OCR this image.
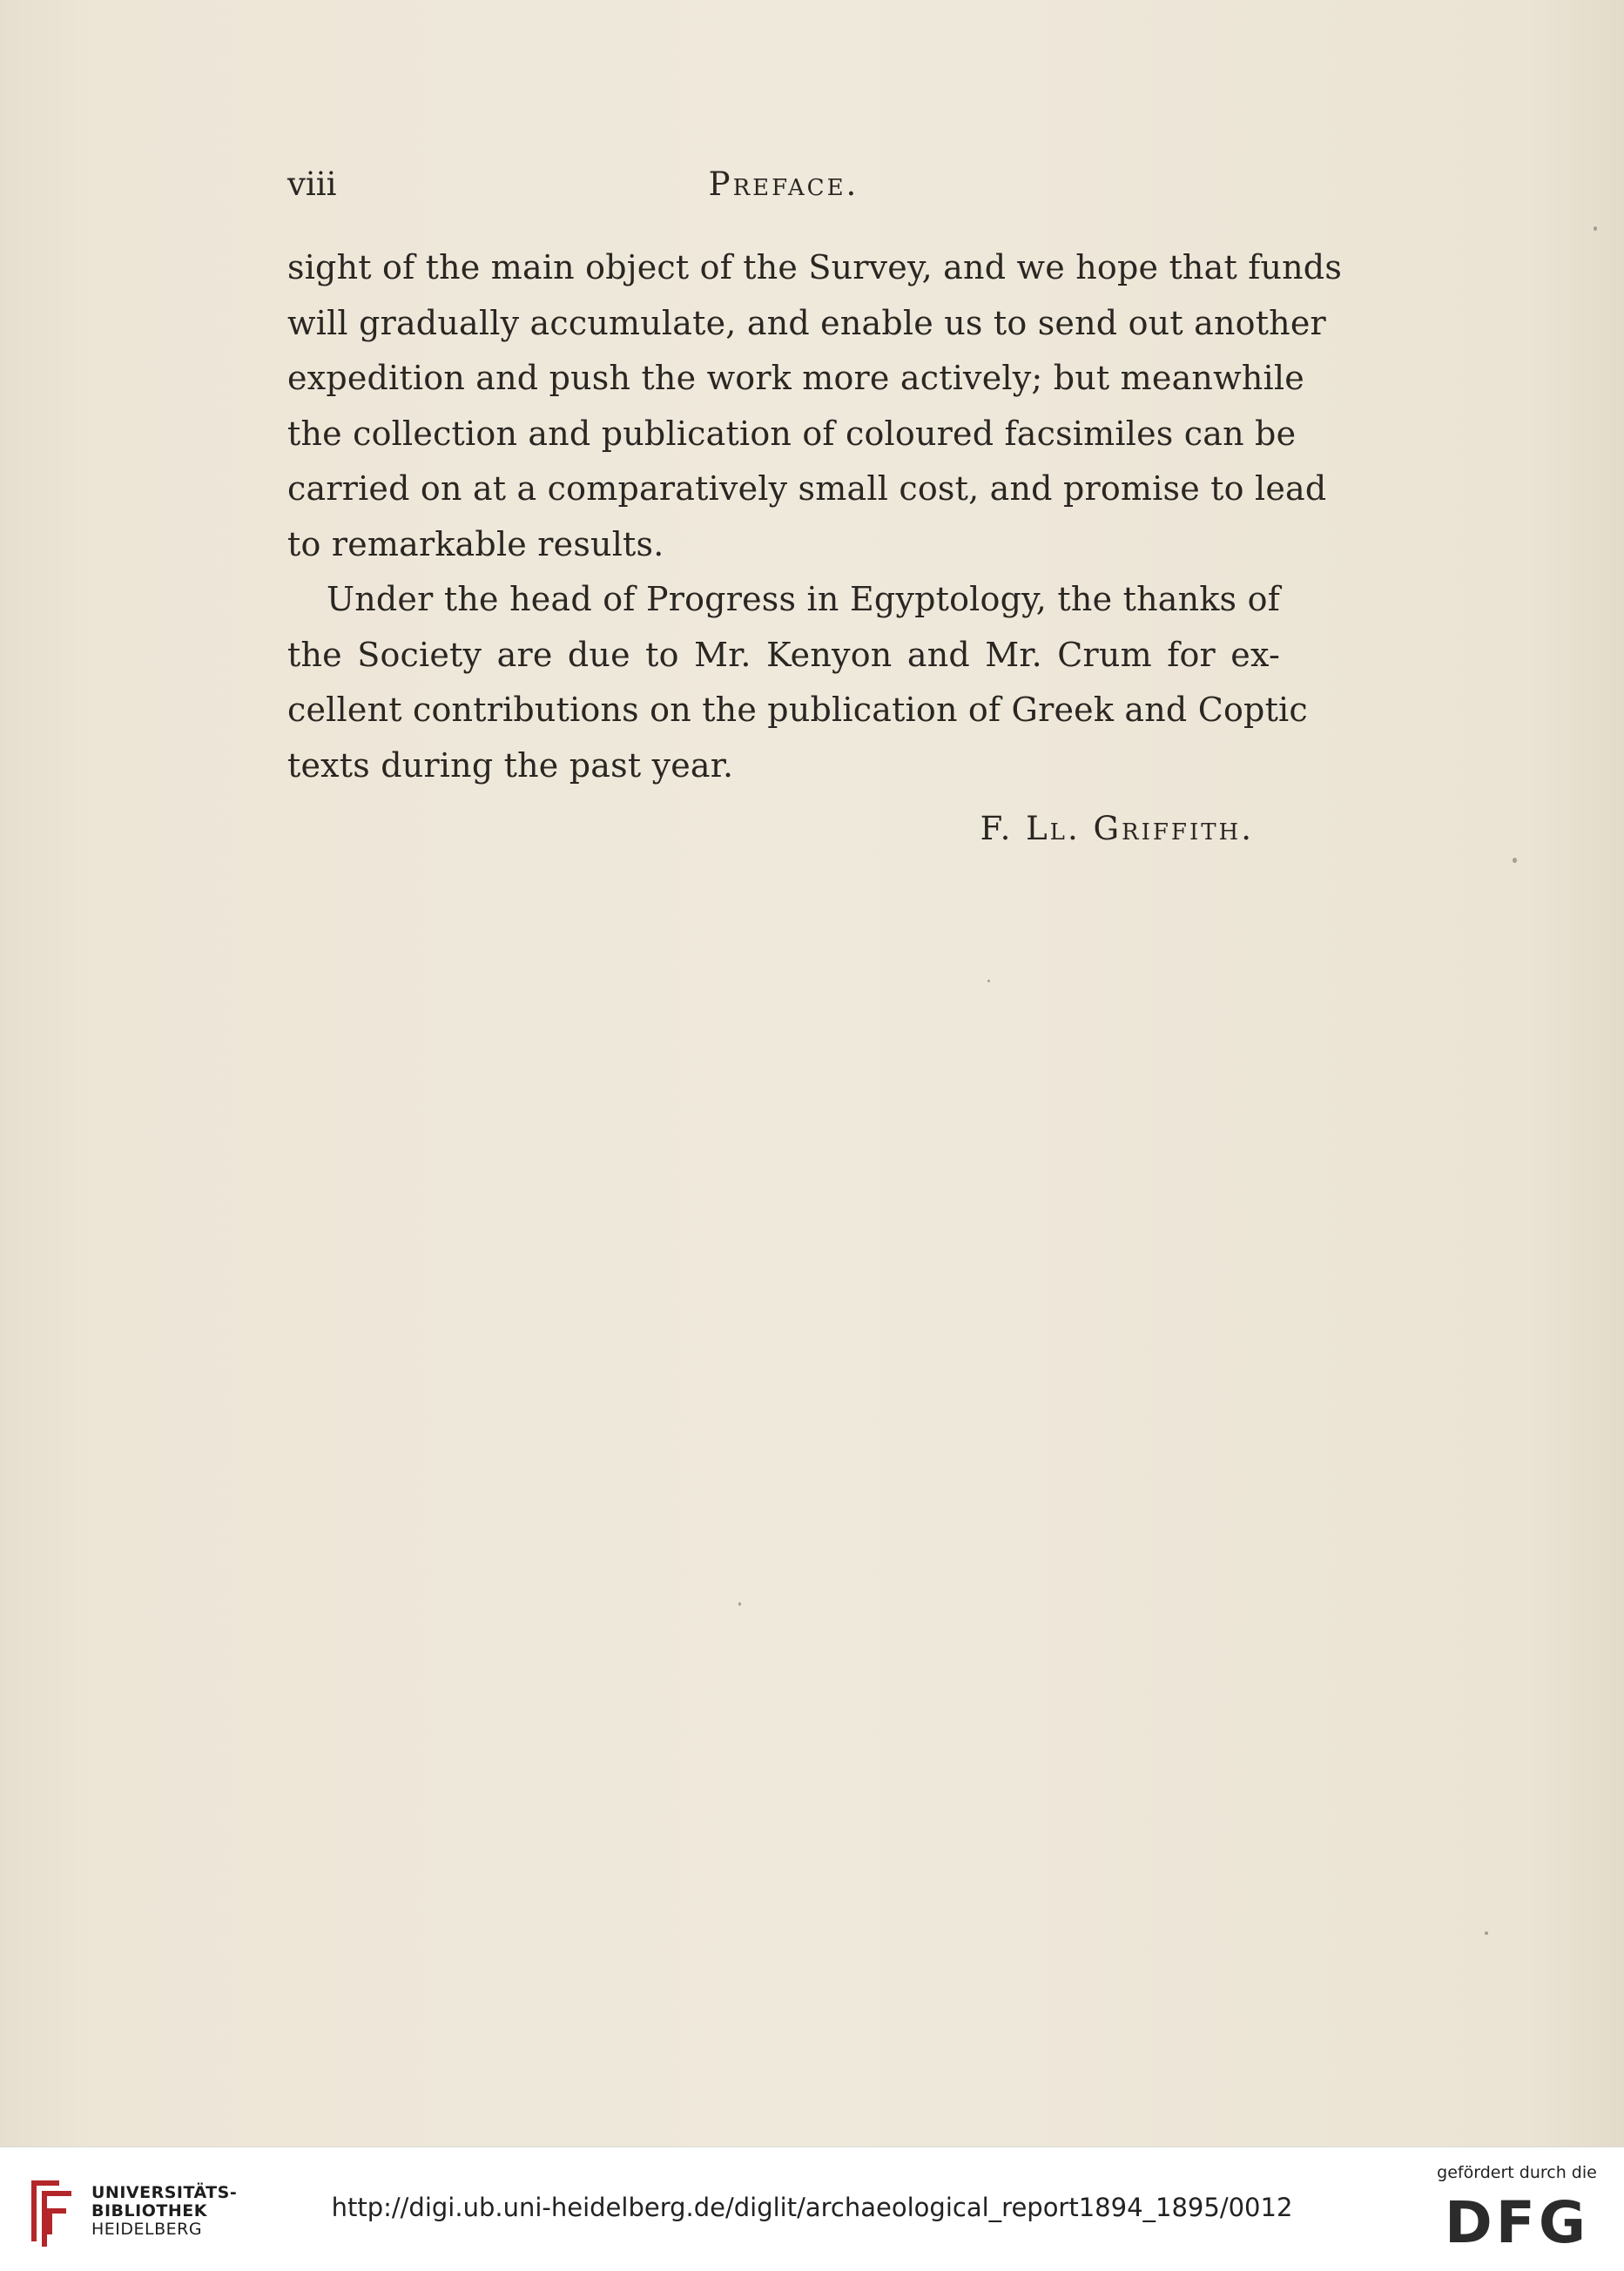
viii	Preface.
sight of the main object of the Survey, and we hope that funds
will gradually accumulate, and enable us to send out another
expedition and push the work more actively; but meanwhile
the collection and publication of coloured facsimiles can be
carried on at a comparatively small cost, and promise to lead
to remarkable results.
Under the head of Progress in Egyptology, the thanks of
the Society are due to Mr. Kenyon and Mr. Crum for ex-
cellent contributions on the publication of Greek and Coptic
texts during the past year.
F. Ll. Griffith.
UNIVERSITÄTS-
BIBLIOTHEK
HEIDELBERG
http://digi.ub.uni-heidelberg.de/diglit/archaeological_report1894_1895/0012
gefördert durch die
DFG
